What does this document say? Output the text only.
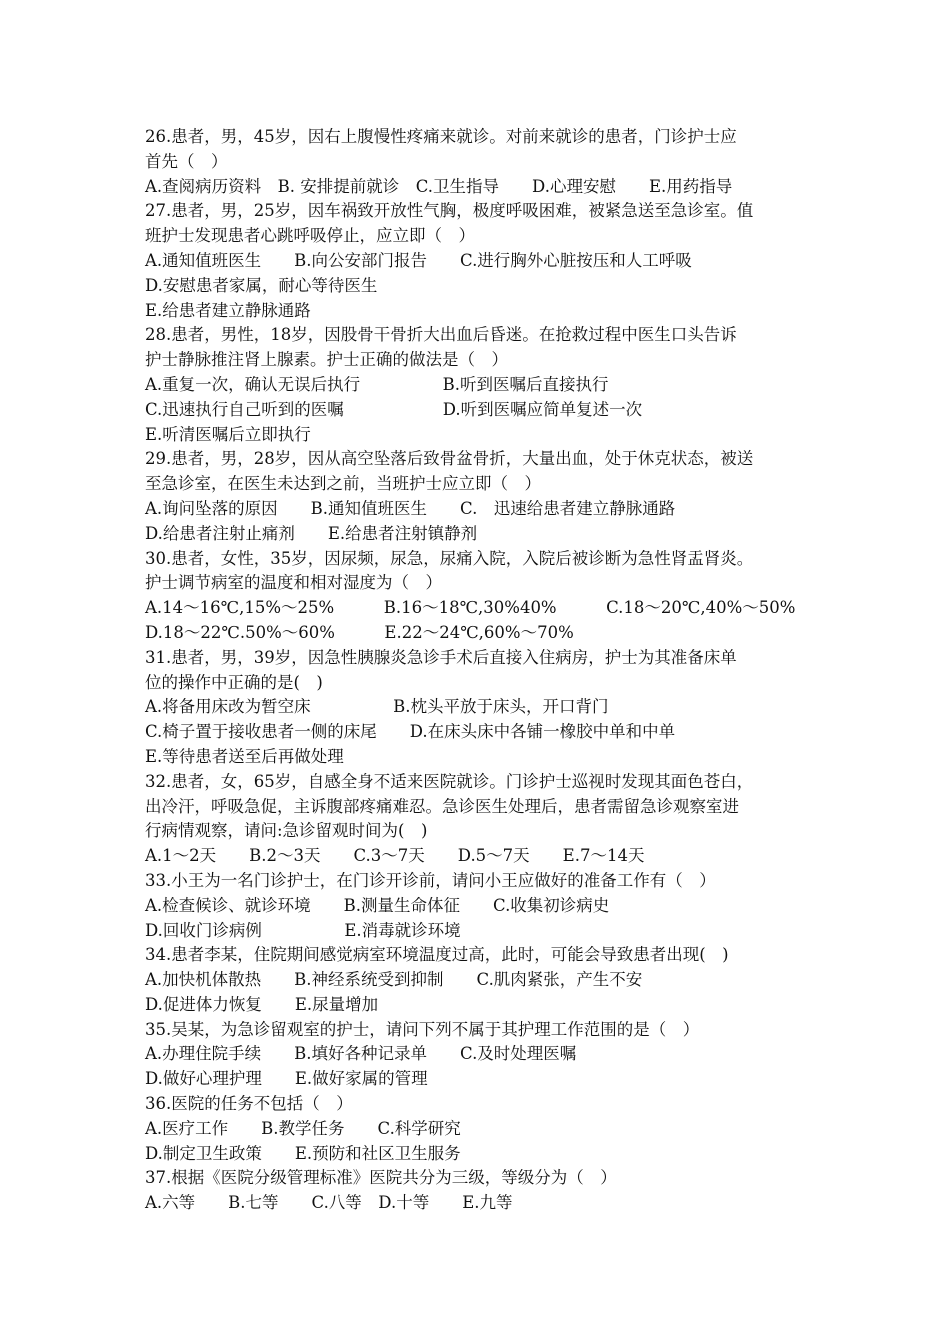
26.患者，男，45岁，因右上腹慢性疼痛来就诊。对前来就诊的患者，门诊护士应
首先（　）
A.查阅病历资料　B. 安排提前就诊　C.卫生指导　　D.心理安慰　　E.用药指导
27.患者，男，25岁，因车祸致开放性气胸，极度呼吸困难，被紧急送至急诊室。值
班护士发现患者心跳呼吸停止，应立即（　）
A.通知值班医生　　B.向公安部门报告　　C.进行胸外心脏按压和人工呼吸
D.安慰患者家属，耐心等待医生
E.给患者建立静脉通路
28.患者，男性，18岁，因股骨干骨折大出血后昏迷。在抢救过程中医生口头告诉
护士静脉推注肾上腺素。护士正确的做法是（　）
A.重复一次，确认无误后执行　　　　　B.听到医嘱后直接执行
C.迅速执行自己听到的医嘱　　　　　　D.听到医嘱应简单复述一次
E.听清医嘱后立即执行
29.患者，男，28岁，因从高空坠落后致骨盆骨折，大量出血，处于休克状态，被送
至急诊室，在医生未达到之前，当班护士应立即（　）
A.询问坠落的原因　　B.通知值班医生　　C.　迅速给患者建立静脉通路
D.给患者注射止痛剂　　E.给患者注射镇静剂
30.患者，女性，35岁，因尿频，尿急，尿痛入院，入院后被诊断为急性肾盂肾炎。
护士调节病室的温度和相对湿度为（　）
A.14～16℃,15%～25%　　　B.16～18℃,30%40%　　　C.18～20℃,40%～50%
D.18～22℃.50%～60%　　　E.22～24℃,60%～70%
31.患者，男，39岁，因急性胰腺炎急诊手术后直接入住病房，护士为其准备床单
位的操作中正确的是(　)
A.将备用床改为暂空床　　　　　B.枕头平放于床头，开口背门
C.椅子置于接收患者一侧的床尾　　D.在床头床中各铺一橡胶中单和中单
E.等待患者送至后再做处理
32.患者，女，65岁，自感全身不适来医院就诊。门诊护士巡视时发现其面色苍白，
出冷汗，呼吸急促，主诉腹部疼痛难忍。急诊医生处理后，患者需留急诊观察室进
行病情观察，请问:急诊留观时间为(　)
A.1～2天　　B.2～3天　　C.3～7天　　D.5～7天　　E.7～14天
33.小王为一名门诊护士，在门诊开诊前，请问小王应做好的准备工作有（　）
A.检查候诊、就诊环境　　B.测量生命体征　　C.收集初诊病史
D.回收门诊病例　　　　　E.消毒就诊环境
34.患者李某，住院期间感觉病室环境温度过高，此时，可能会导致患者出现(　)
A.加快机体散热　　B.神经系统受到抑制　　C.肌肉紧张，产生不安
D.促进体力恢复　　E.尿量增加
35.吴某，为急诊留观室的护士，请问下列不属于其护理工作范围的是（　）
A.办理住院手续　　B.填好各种记录单　　C.及时处理医嘱
D.做好心理护理　　E.做好家属的管理
36.医院的任务不包括（　）
A.医疗工作　　B.教学任务　　C.科学研究
D.制定卫生政策　　E.预防和社区卫生服务
37.根据《医院分级管理标准》医院共分为三级，等级分为（　）
A.六等　　B.七等　　C.八等　D.十等　　E.九等
